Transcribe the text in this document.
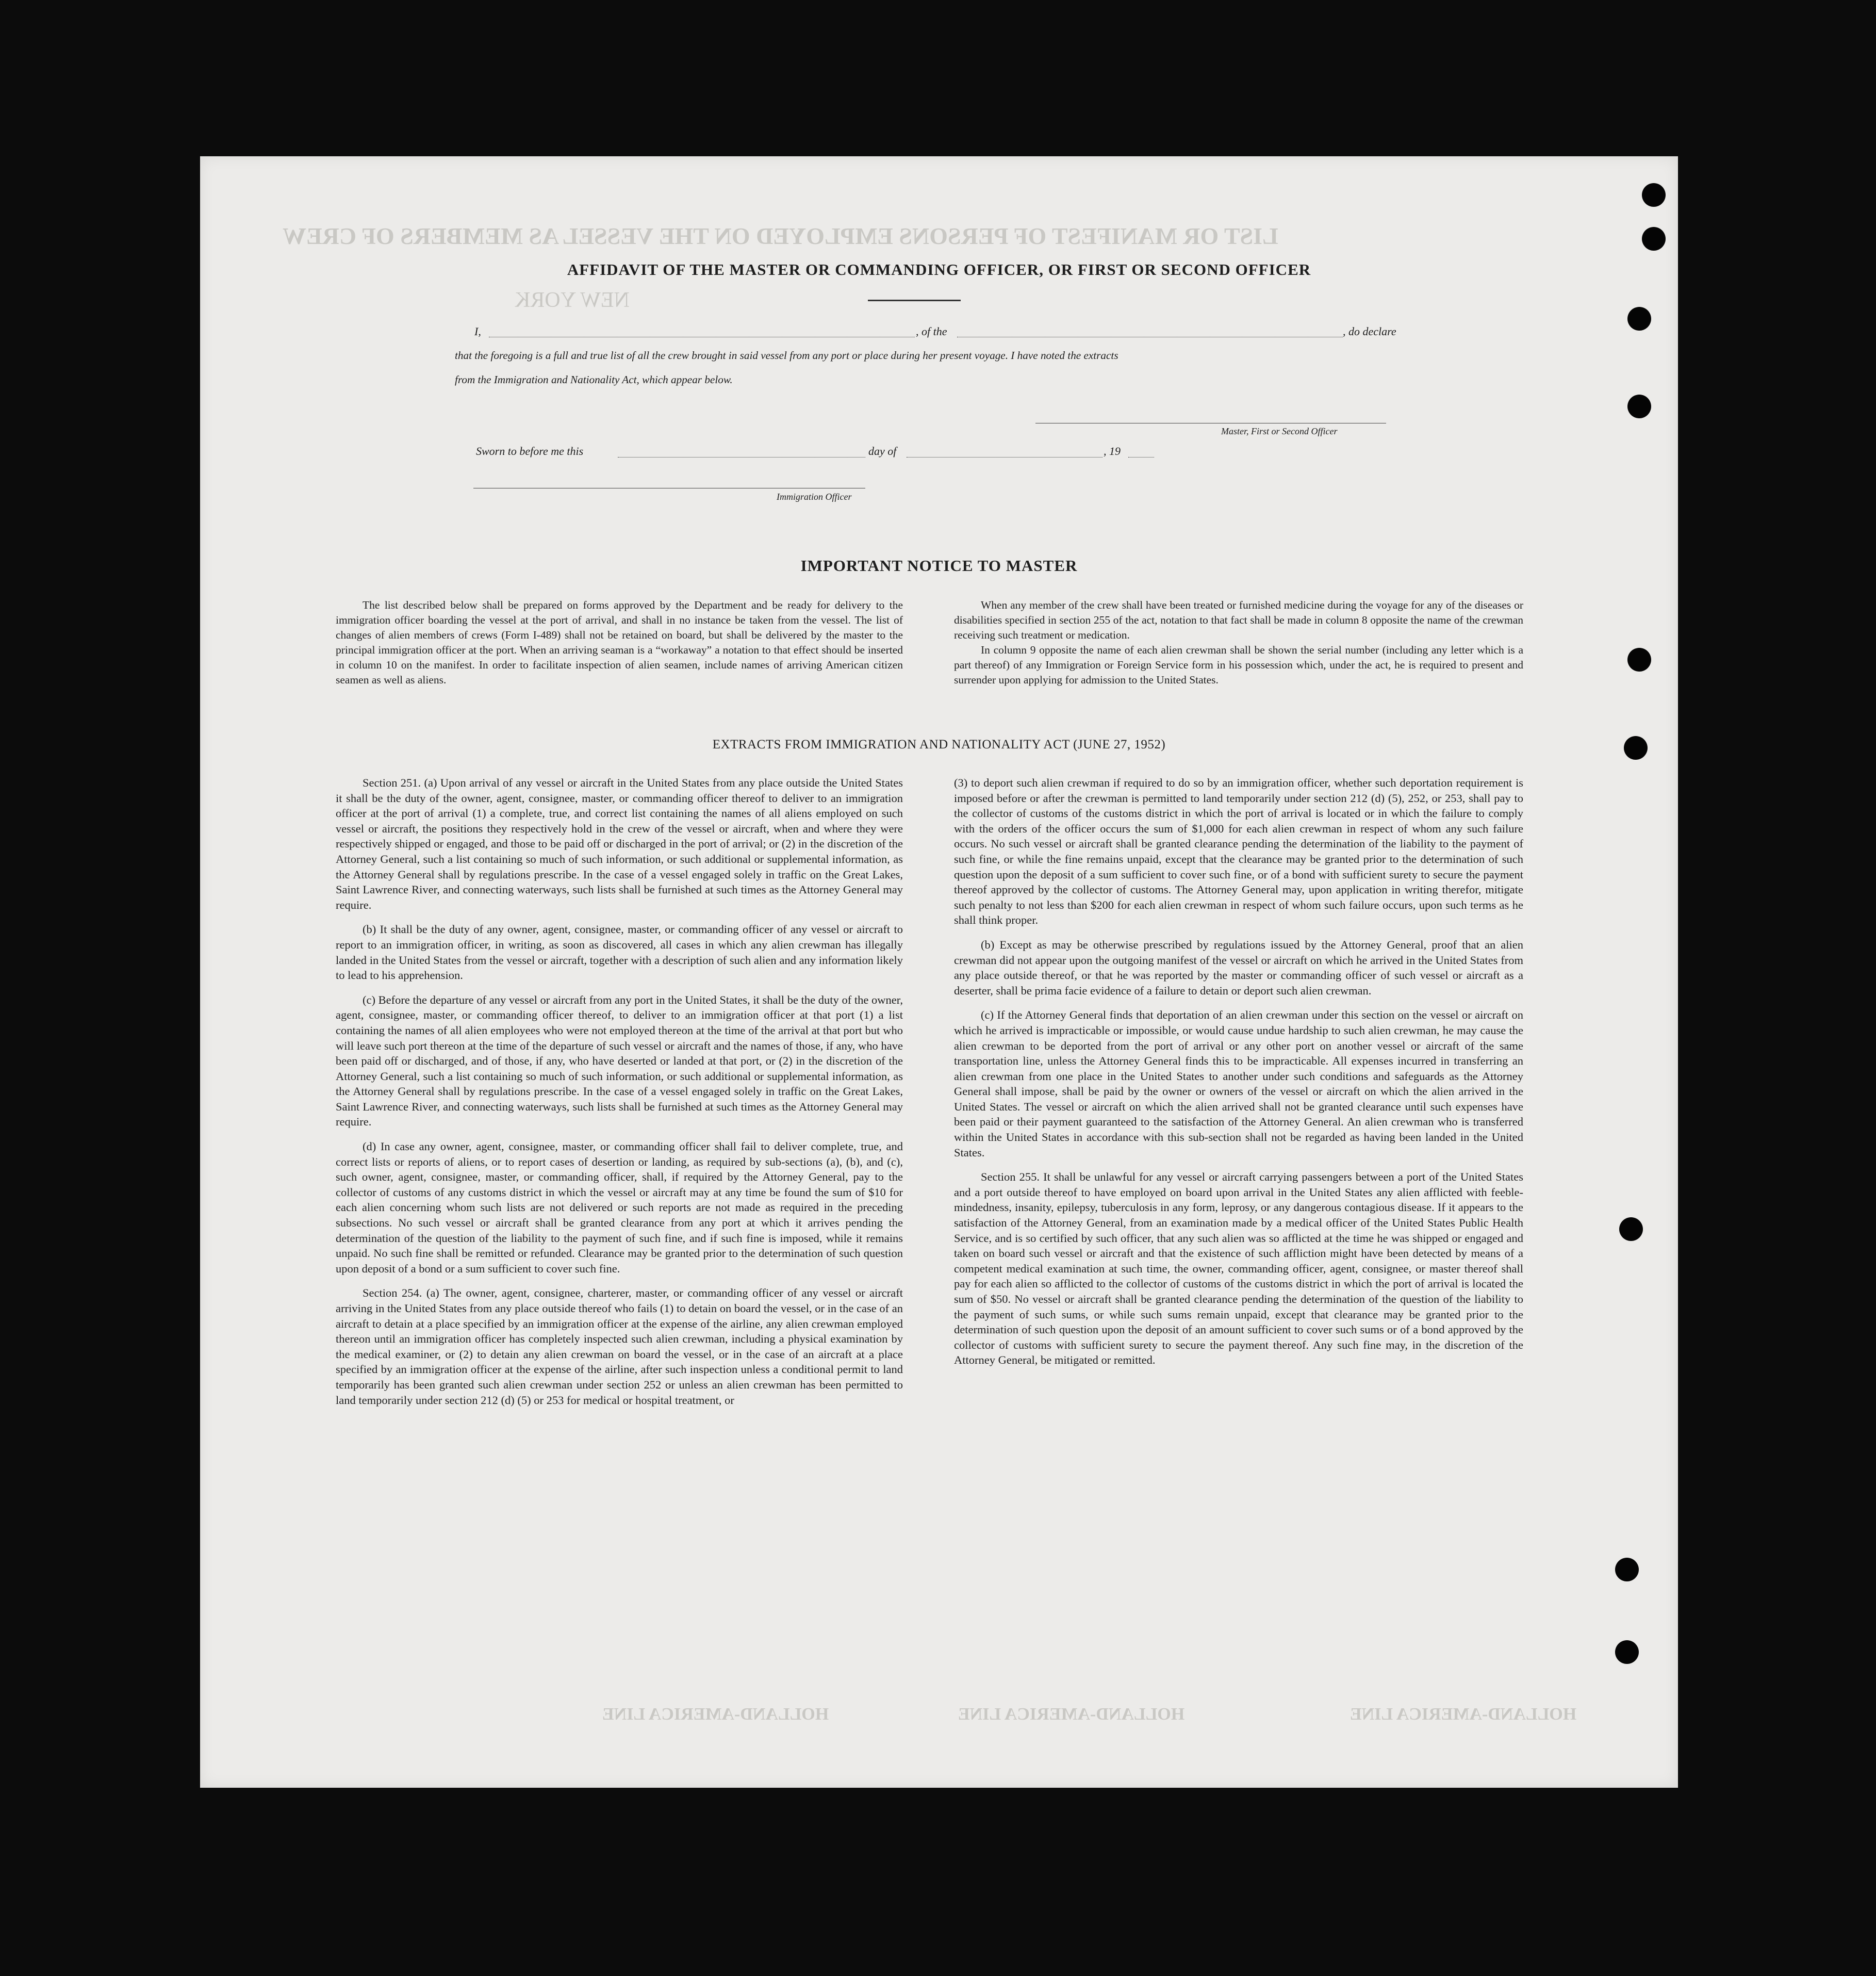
LIST OR MANIFEST OF PERSONS EMPLOYED ON THE VESSEL AS MEMBERS OF CREW
NEW YORK
HOLLAND-AMERICA LINE	HOLLAND-AMERICA LINE	HOLLAND-AMERICA LINE
AFFIDAVIT OF THE MASTER OR COMMANDING OFFICER, OR FIRST OR SECOND OFFICER
I,	, of the	, do declare
that the foregoing is a full and true list of all the crew brought in said vessel from any port or place during her present voyage. I have noted the extracts
from the Immigration and Nationality Act, which appear below.
Master, First or Second Officer
Sworn to before me this	day of	, 19
Immigration Officer
IMPORTANT NOTICE TO MASTER

The list described below shall be prepared on forms approved by the Department and be ready for delivery to the immigration officer boarding the vessel at the port of arrival, and shall in no instance be taken from the vessel. The list of changes of alien members of crews (Form I-489) shall not be retained on board, but shall be delivered by the master to the principal immigration officer at the port. When an arriving seaman is a “workaway” a notation to that effect should be inserted in column 10 on the manifest. In order to facilitate inspection of alien seamen, include names of arriving American citizen seamen as well as aliens.

When any member of the crew shall have been treated or furnished medicine during the voyage for any of the diseases or disabilities specified in section 255 of the act, notation to that fact shall be made in column 8 opposite the name of the crewman receiving such treatment or medication.

In column 9 opposite the name of each alien crewman shall be shown the serial number (including any letter which is a part thereof) of any Immigration or Foreign Service form in his possession which, under the act, he is required to present and surrender upon applying for admission to the United States.

EXTRACTS FROM IMMIGRATION AND NATIONALITY ACT (JUNE 27, 1952)

Section 251. (a) Upon arrival of any vessel or aircraft in the United States from any place outside the United States it shall be the duty of the owner, agent, consignee, master, or commanding officer thereof to deliver to an immigration officer at the port of arrival (1) a complete, true, and correct list containing the names of all aliens employed on such vessel or aircraft, the positions they respectively hold in the crew of the vessel or aircraft, when and where they were respectively shipped or engaged, and those to be paid off or discharged in the port of arrival; or (2) in the discretion of the Attorney General, such a list containing so much of such information, or such additional or supplemental information, as the Attorney General shall by regulations prescribe. In the case of a vessel engaged solely in traffic on the Great Lakes, Saint Lawrence River, and connecting waterways, such lists shall be furnished at such times as the Attorney General may require.

(b) It shall be the duty of any owner, agent, consignee, master, or commanding officer of any vessel or aircraft to report to an immigration officer, in writing, as soon as discovered, all cases in which any alien crewman has illegally landed in the United States from the vessel or aircraft, together with a description of such alien and any information likely to lead to his apprehension.

(c) Before the departure of any vessel or aircraft from any port in the United States, it shall be the duty of the owner, agent, consignee, master, or commanding officer thereof, to deliver to an immigration officer at that port (1) a list containing the names of all alien employees who were not employed thereon at the time of the arrival at that port but who will leave such port thereon at the time of the departure of such vessel or aircraft and the names of those, if any, who have been paid off or discharged, and of those, if any, who have deserted or landed at that port, or (2) in the discretion of the Attorney General, such a list containing so much of such information, or such additional or supplemental information, as the Attorney General shall by regulations prescribe. In the case of a vessel engaged solely in traffic on the Great Lakes, Saint Lawrence River, and connecting waterways, such lists shall be furnished at such times as the Attorney General may require.

(d) In case any owner, agent, consignee, master, or commanding officer shall fail to deliver complete, true, and correct lists or reports of aliens, or to report cases of desertion or landing, as required by sub-sections (a), (b), and (c), such owner, agent, consignee, master, or commanding officer, shall, if required by the Attorney General, pay to the collector of customs of any customs district in which the vessel or aircraft may at any time be found the sum of $10 for each alien concerning whom such lists are not delivered or such reports are not made as required in the preceding subsections. No such vessel or aircraft shall be granted clearance from any port at which it arrives pending the determination of the question of the liability to the payment of such fine, and if such fine is imposed, while it remains unpaid. No such fine shall be remitted or refunded. Clearance may be granted prior to the determination of such question upon deposit of a bond or a sum sufficient to cover such fine.

Section 254. (a) The owner, agent, consignee, charterer, master, or commanding officer of any vessel or aircraft arriving in the United States from any place outside thereof who fails (1) to detain on board the vessel, or in the case of an aircraft to detain at a place specified by an immigration officer at the expense of the airline, any alien crewman employed thereon until an immigration officer has completely inspected such alien crewman, including a physical examination by the medical examiner, or (2) to detain any alien crewman on board the vessel, or in the case of an aircraft at a place specified by an immigration officer at the expense of the airline, after such inspection unless a conditional permit to land temporarily has been granted such alien crewman under section 252 or unless an alien crewman has been permitted to land temporarily under section 212 (d) (5) or 253 for medical or hospital treatment, or

(3) to deport such alien crewman if required to do so by an immigration officer, whether such deportation requirement is imposed before or after the crewman is permitted to land temporarily under section 212 (d) (5), 252, or 253, shall pay to the collector of customs of the customs district in which the port of arrival is located or in which the failure to comply with the orders of the officer occurs the sum of $1,000 for each alien crewman in respect of whom any such failure occurs. No such vessel or aircraft shall be granted clearance pending the determination of the liability to the payment of such fine, or while the fine remains unpaid, except that the clearance may be granted prior to the determination of such question upon the deposit of a sum sufficient to cover such fine, or of a bond with sufficient surety to secure the payment thereof approved by the collector of customs. The Attorney General may, upon application in writing therefor, mitigate such penalty to not less than $200 for each alien crewman in respect of whom such failure occurs, upon such terms as he shall think proper.

(b) Except as may be otherwise prescribed by regulations issued by the Attorney General, proof that an alien crewman did not appear upon the outgoing manifest of the vessel or aircraft on which he arrived in the United States from any place outside thereof, or that he was reported by the master or commanding officer of such vessel or aircraft as a deserter, shall be prima facie evidence of a failure to detain or deport such alien crewman.

(c) If the Attorney General finds that deportation of an alien crewman under this section on the vessel or aircraft on which he arrived is impracticable or impossible, or would cause undue hardship to such alien crewman, he may cause the alien crewman to be deported from the port of arrival or any other port on another vessel or aircraft of the same transportation line, unless the Attorney General finds this to be impracticable. All expenses incurred in transferring an alien crewman from one place in the United States to another under such conditions and safeguards as the Attorney General shall impose, shall be paid by the owner or owners of the vessel or aircraft on which the alien arrived in the United States. The vessel or aircraft on which the alien arrived shall not be granted clearance until such expenses have been paid or their payment guaranteed to the satisfaction of the Attorney General. An alien crewman who is transferred within the United States in accordance with this sub-section shall not be regarded as having been landed in the United States.

Section 255. It shall be unlawful for any vessel or aircraft carrying passengers between a port of the United States and a port outside thereof to have employed on board upon arrival in the United States any alien afflicted with feeble-mindedness, insanity, epilepsy, tuberculosis in any form, leprosy, or any dangerous contagious disease. If it appears to the satisfaction of the Attorney General, from an examination made by a medical officer of the United States Public Health Service, and is so certified by such officer, that any such alien was so afflicted at the time he was shipped or engaged and taken on board such vessel or aircraft and that the existence of such affliction might have been detected by means of a competent medical examination at such time, the owner, commanding officer, agent, consignee, or master thereof shall pay for each alien so afflicted to the collector of customs of the customs district in which the port of arrival is located the sum of $50. No vessel or aircraft shall be granted clearance pending the determination of the question of the liability to the payment of such sums, or while such sums remain unpaid, except that clearance may be granted prior to the determination of such question upon the deposit of an amount sufficient to cover such sums or of a bond approved by the collector of customs with sufficient surety to secure the payment thereof. Any such fine may, in the discretion of the Attorney General, be mitigated or remitted.
